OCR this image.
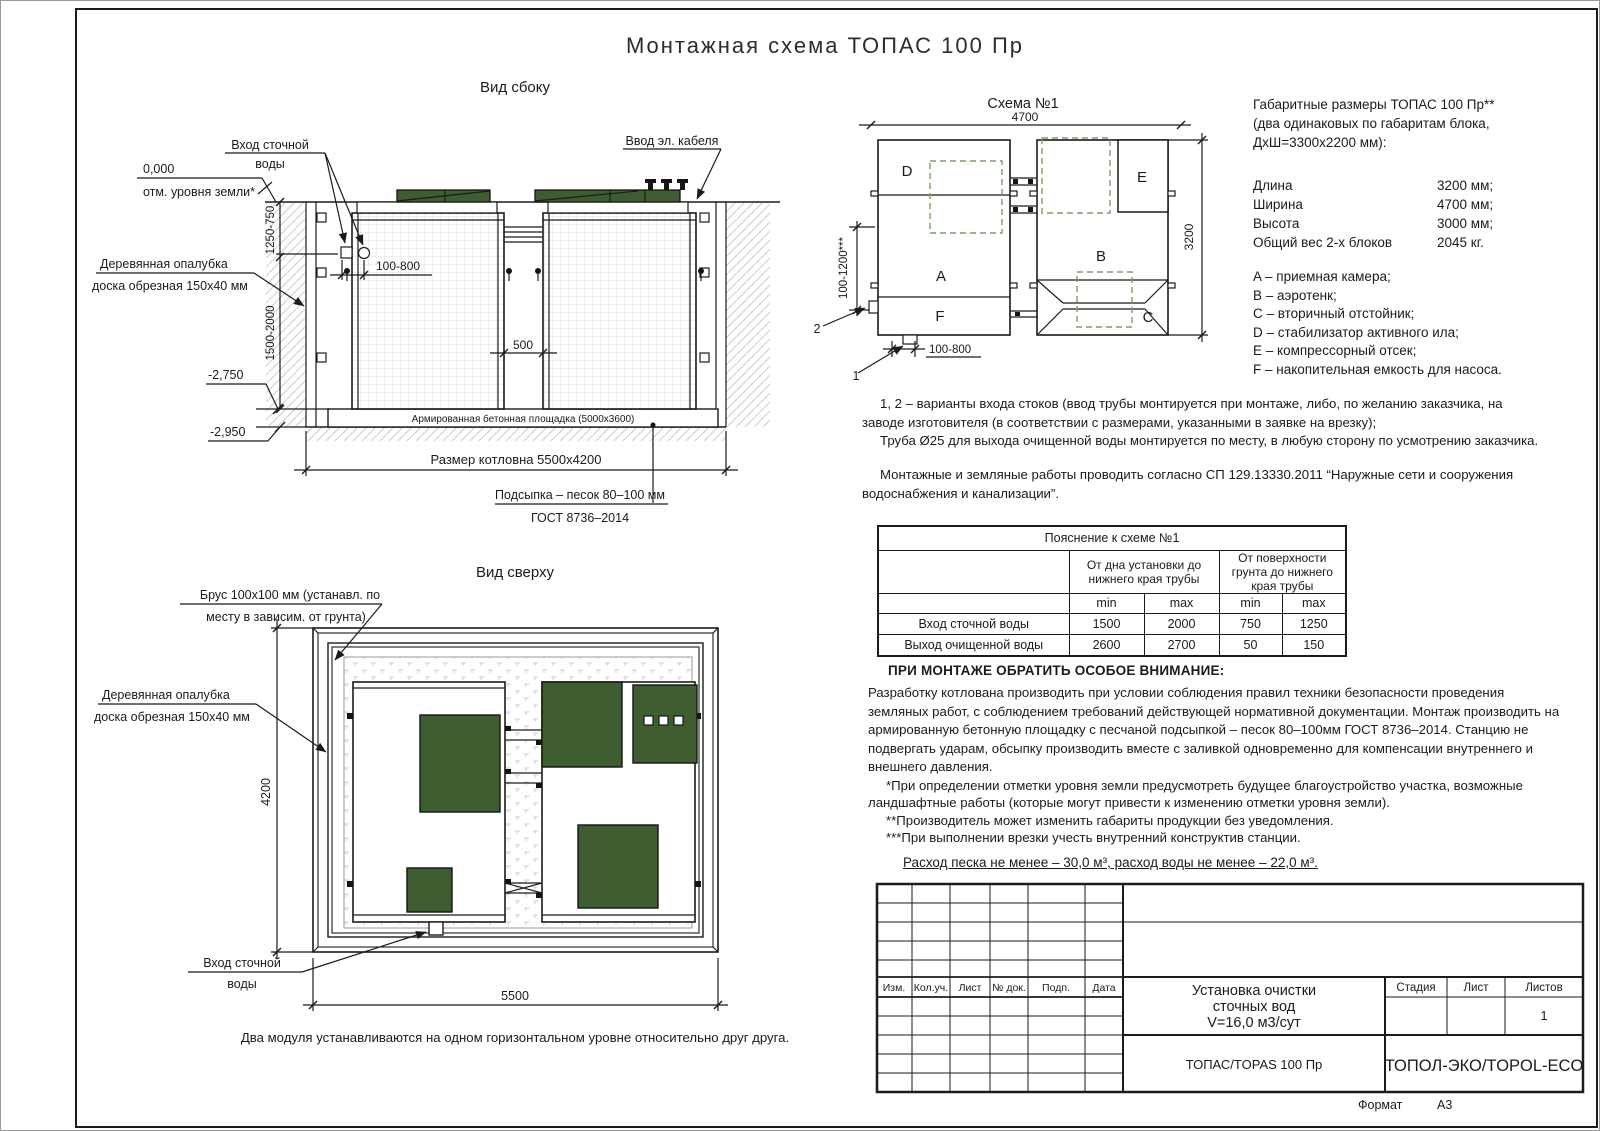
Монтажная схема ТОПАС 100 Пр
Вид сбоку
Вид сверху
0,000
отм. уровня земли*
Вход сточной
воды
Ввод эл. кабеля
Деревянная опалубка
доска обрезная 150х40 мм
100-800
1250-750
1500-2000
-2,750
-2,950
500
Армированная бетонная площадка (5000х3600)
Размер котловна 5500х4200
Подсыпка – песок 80–100 мм
ГОСТ 8736–2014
Схема №1
4700
3200
100-1200***
100-800
D
A
F
B
E
C
2
1
Брус 100х100 мм (устанавл. по
месту в зависим. от грунта)
Деревянная опалубка
доска обрезная 150х40 мм
4200
5500
Вход сточной
воды
Два модуля устанавливаются на одном горизонтальном уровне относительно друг друга.
Габаритные размеры ТОПАС 100 Пр**
(два одинаковых по габаритам блока,
ДхШ=3300х2200 мм):
Длина	3200 мм;
Ширина	4700 мм;
Высота	3000 мм;
Общий вес 2-х блоков	2045 кг.
A – приемная камера;
B – аэротенк;
C – вторичный отстойник;
D – стабилизатор активного ила;
E – компрессорный отсек;
F – накопительная емкость для насоса.
1, 2 – варианты входа стоков (ввод трубы монтируется при монтаже, либо, по желанию заказчика, на заводе изготовителя (в соответствии с размерами, указанными в заявке на врезку);
Труба Ø25 для выхода очищенной воды монтируется по месту, в любую сторону по усмотрению заказчика.
Монтажные и земляные работы проводить согласно СП 129.13330.2011 “Наружные сети и сооружения водоснабжения и канализации”.
Пояснение к схеме №1				
	От дна установки до нижнего края трубы		От поверхности грунта до нижнего края трубы	
	min	max	min	max
Вход сточной воды	1500	2000	750	1250
Выход очищенной воды	2600	2700	50	150
ПРИ МОНТАЖЕ ОБРАТИТЬ ОСОБОЕ ВНИМАНИЕ:
Разработку котлована производить при условии соблюдения правил техники безопасности проведения земляных работ, с соблюдением требований действующей нормативной документации. Монтаж производить на армированную бетонную площадку с песчаной подсыпкой – песок 80–100мм ГОСТ 8736–2014. Станцию не подвергать ударам, обсыпку производить вместе с заливкой одновременно для компенсации внутреннего и внешнего давления.
*При определении отметки уровня земли предусмотреть будущее благоустройство участка, возможные ландшафтные работы (которые могут привести к изменению отметки уровня земли).
**Производитель может изменить габариты продукции без уведомления.
***При выполнении врезки учесть внутренний конструктив станции.
Расход песка не менее – 30,0 м³, расход воды не менее – 22,0 м³.
Изм. Кол.уч. Лист № док. Подп. Дата	Стадия Лист	Листов
1
Установка очистки
сточных вод
V=16,0 м3/сут
ТОПАС/TOPAS 100 Пр	ТОПОЛ-ЭКО/TOPOL-ECO
Формат	А3
